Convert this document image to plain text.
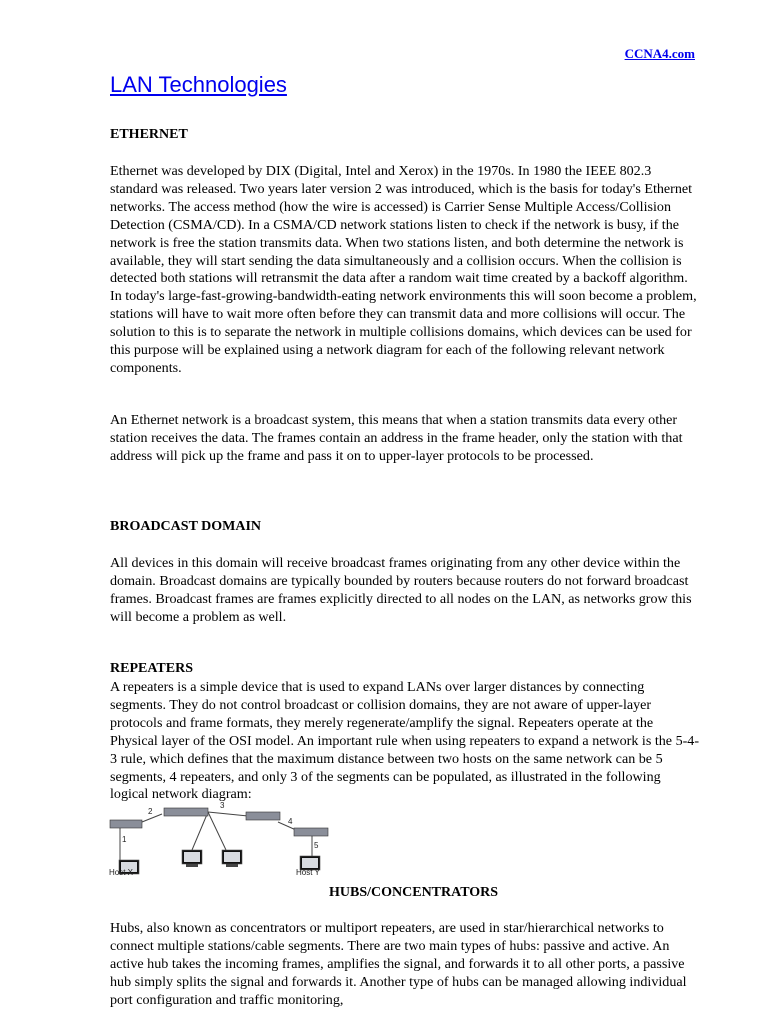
CCNA4.com
LAN Technologies
ETHERNET

Ethernet was developed by DIX (Digital, Intel and Xerox) in the 1970s. In 1980 the IEEE 802.3 standard was released. Two years later version 2 was introduced, which is the basis for today's Ethernet networks. The access method (how the wire is accessed) is Carrier Sense Multiple Access/Collision Detection (CSMA/CD). In a CSMA/CD network stations listen to check if the network is busy, if the network is free the station transmits data. When two stations listen, and both determine the network is available, they will start sending the data simultaneously and a collision occurs. When the collision is detected both stations will retransmit the data after a random wait time created by a backoff algorithm. In today's large-fast-growing-bandwidth-eating network environments this will soon become a problem, stations will have to wait more often before they can transmit data and more collisions will occur. The solution to this is to separate the network in multiple collisions domains, which devices can be used for this purpose will be explained using a network diagram for each of the following relevant network components.

An Ethernet network is a broadcast system, this means that when a station transmits data every other station receives the data. The frames contain an address in the frame header, only the station with that address will pick up the frame and pass it on to upper-layer protocols to be processed.

BROADCAST DOMAIN

All devices in this domain will receive broadcast frames originating from any other device within the domain. Broadcast domains are typically bounded by routers because routers do not forward broadcast frames. Broadcast frames are frames explicitly directed to all nodes on the LAN, as networks grow this will become a problem as well.

REPEATERS

A repeaters is a simple device that is used to expand LANs over larger distances by connecting segments. They do not control broadcast or collision domains, they are not aware of upper-layer protocols and frame formats, they merely regenerate/amplify the signal. Repeaters operate at the Physical layer of the OSI model. An important rule when using repeaters to expand a network is the 5-4-3 rule, which defines that the maximum distance between two hosts on the same network can be 5 segments, 4 repeaters, and only 3 of the segments can be populated, as illustrated in the following logical network diagram:

1
2
3
4
5
Host X	Host Y
HUBS/CONCENTRATORS

Hubs, also known as concentrators or multiport repeaters, are used in star/hierarchical networks to connect multiple stations/cable segments. There are two main types of hubs: passive and active. An active hub takes the incoming frames, amplifies the signal, and forwards it to all other ports, a passive hub simply splits the signal and forwards it. Another type of hubs can be managed allowing individual port configuration and traffic monitoring,
